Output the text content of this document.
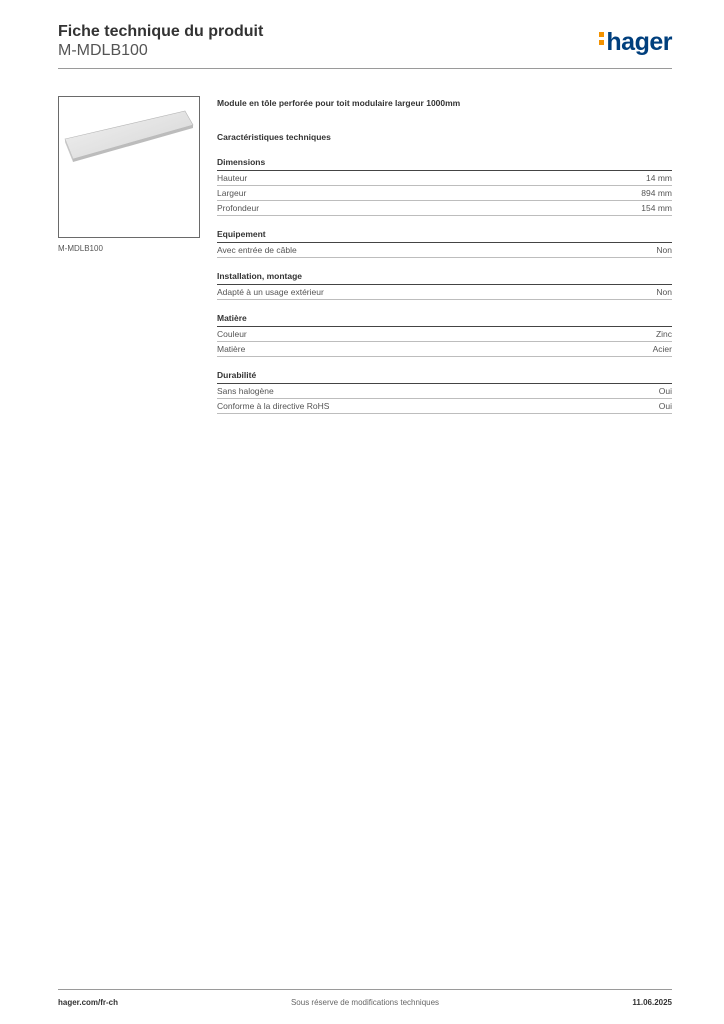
Fiche technique du produit
M-MDLB100	hager
M-MDLB100
Module en tôle perforée pour toit modulaire largeur 1000mm
Caractéristiques techniques
Dimensions
Hauteur	14 mm
Largeur	894 mm
Profondeur	154 mm
Equipement
Avec entrée de câble	Non
Installation, montage
Adapté à un usage extérieur	Non
Matière
Couleur	Zinc
Matière	Acier
Durabilité
Sans halogène	Oui
Conforme à la directive RoHS	Oui
hager.com/fr-ch	Sous réserve de modifications techniques	11.06.2025
